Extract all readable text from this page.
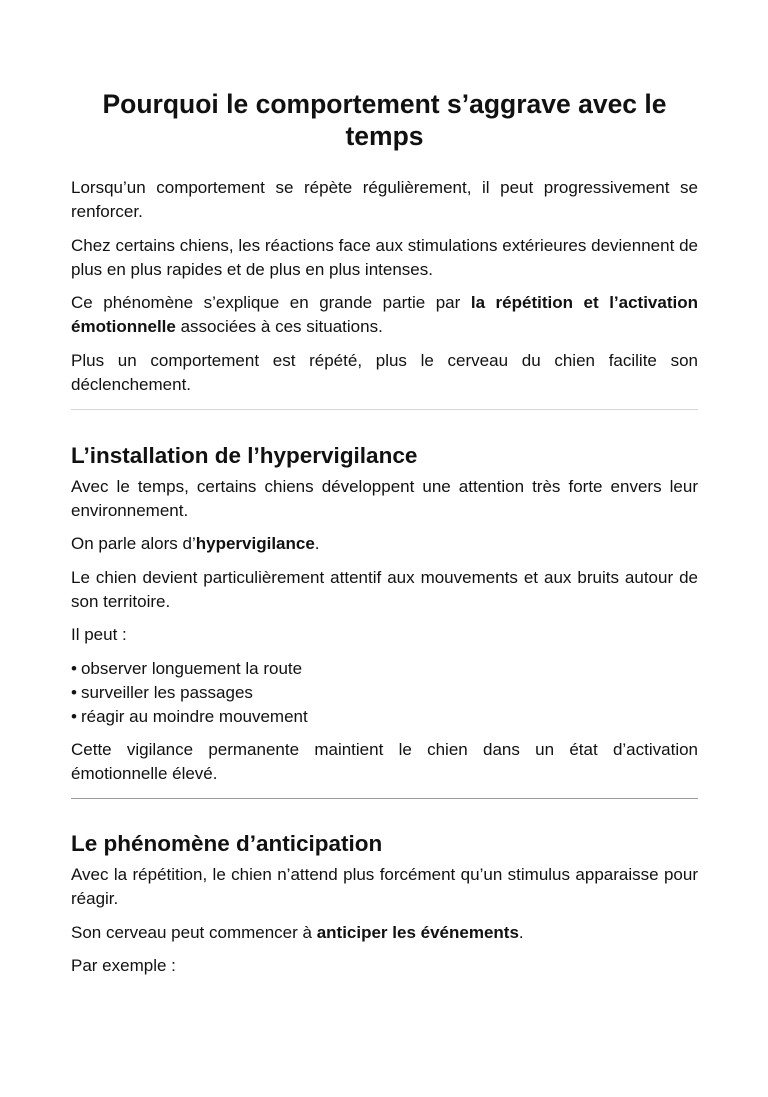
Pourquoi le comportement s’aggrave avec le temps

Lorsqu’un comportement se répète régulièrement, il peut progressivement se renforcer.

Chez certains chiens, les réactions face aux stimulations extérieures deviennent de plus en plus rapides et de plus en plus intenses.

Ce phénomène s’explique en grande partie par la répétition et l’activation émotionnelle associées à ces situations.

Plus un comportement est répété, plus le cerveau du chien facilite son déclenchement.

L’installation de l’hypervigilance

Avec le temps, certains chiens développent une attention très forte envers leur environnement.

On parle alors d’hypervigilance.

Le chien devient particulièrement attentif aux mouvements et aux bruits autour de son territoire.

Il peut :

• observer longuement la route
• surveiller les passages
• réagir au moindre mouvement

Cette vigilance permanente maintient le chien dans un état d’activation émotionnelle élevé.

Le phénomène d’anticipation

Avec la répétition, le chien n’attend plus forcément qu’un stimulus apparaisse pour réagir.

Son cerveau peut commencer à anticiper les événements.

Par exemple :
